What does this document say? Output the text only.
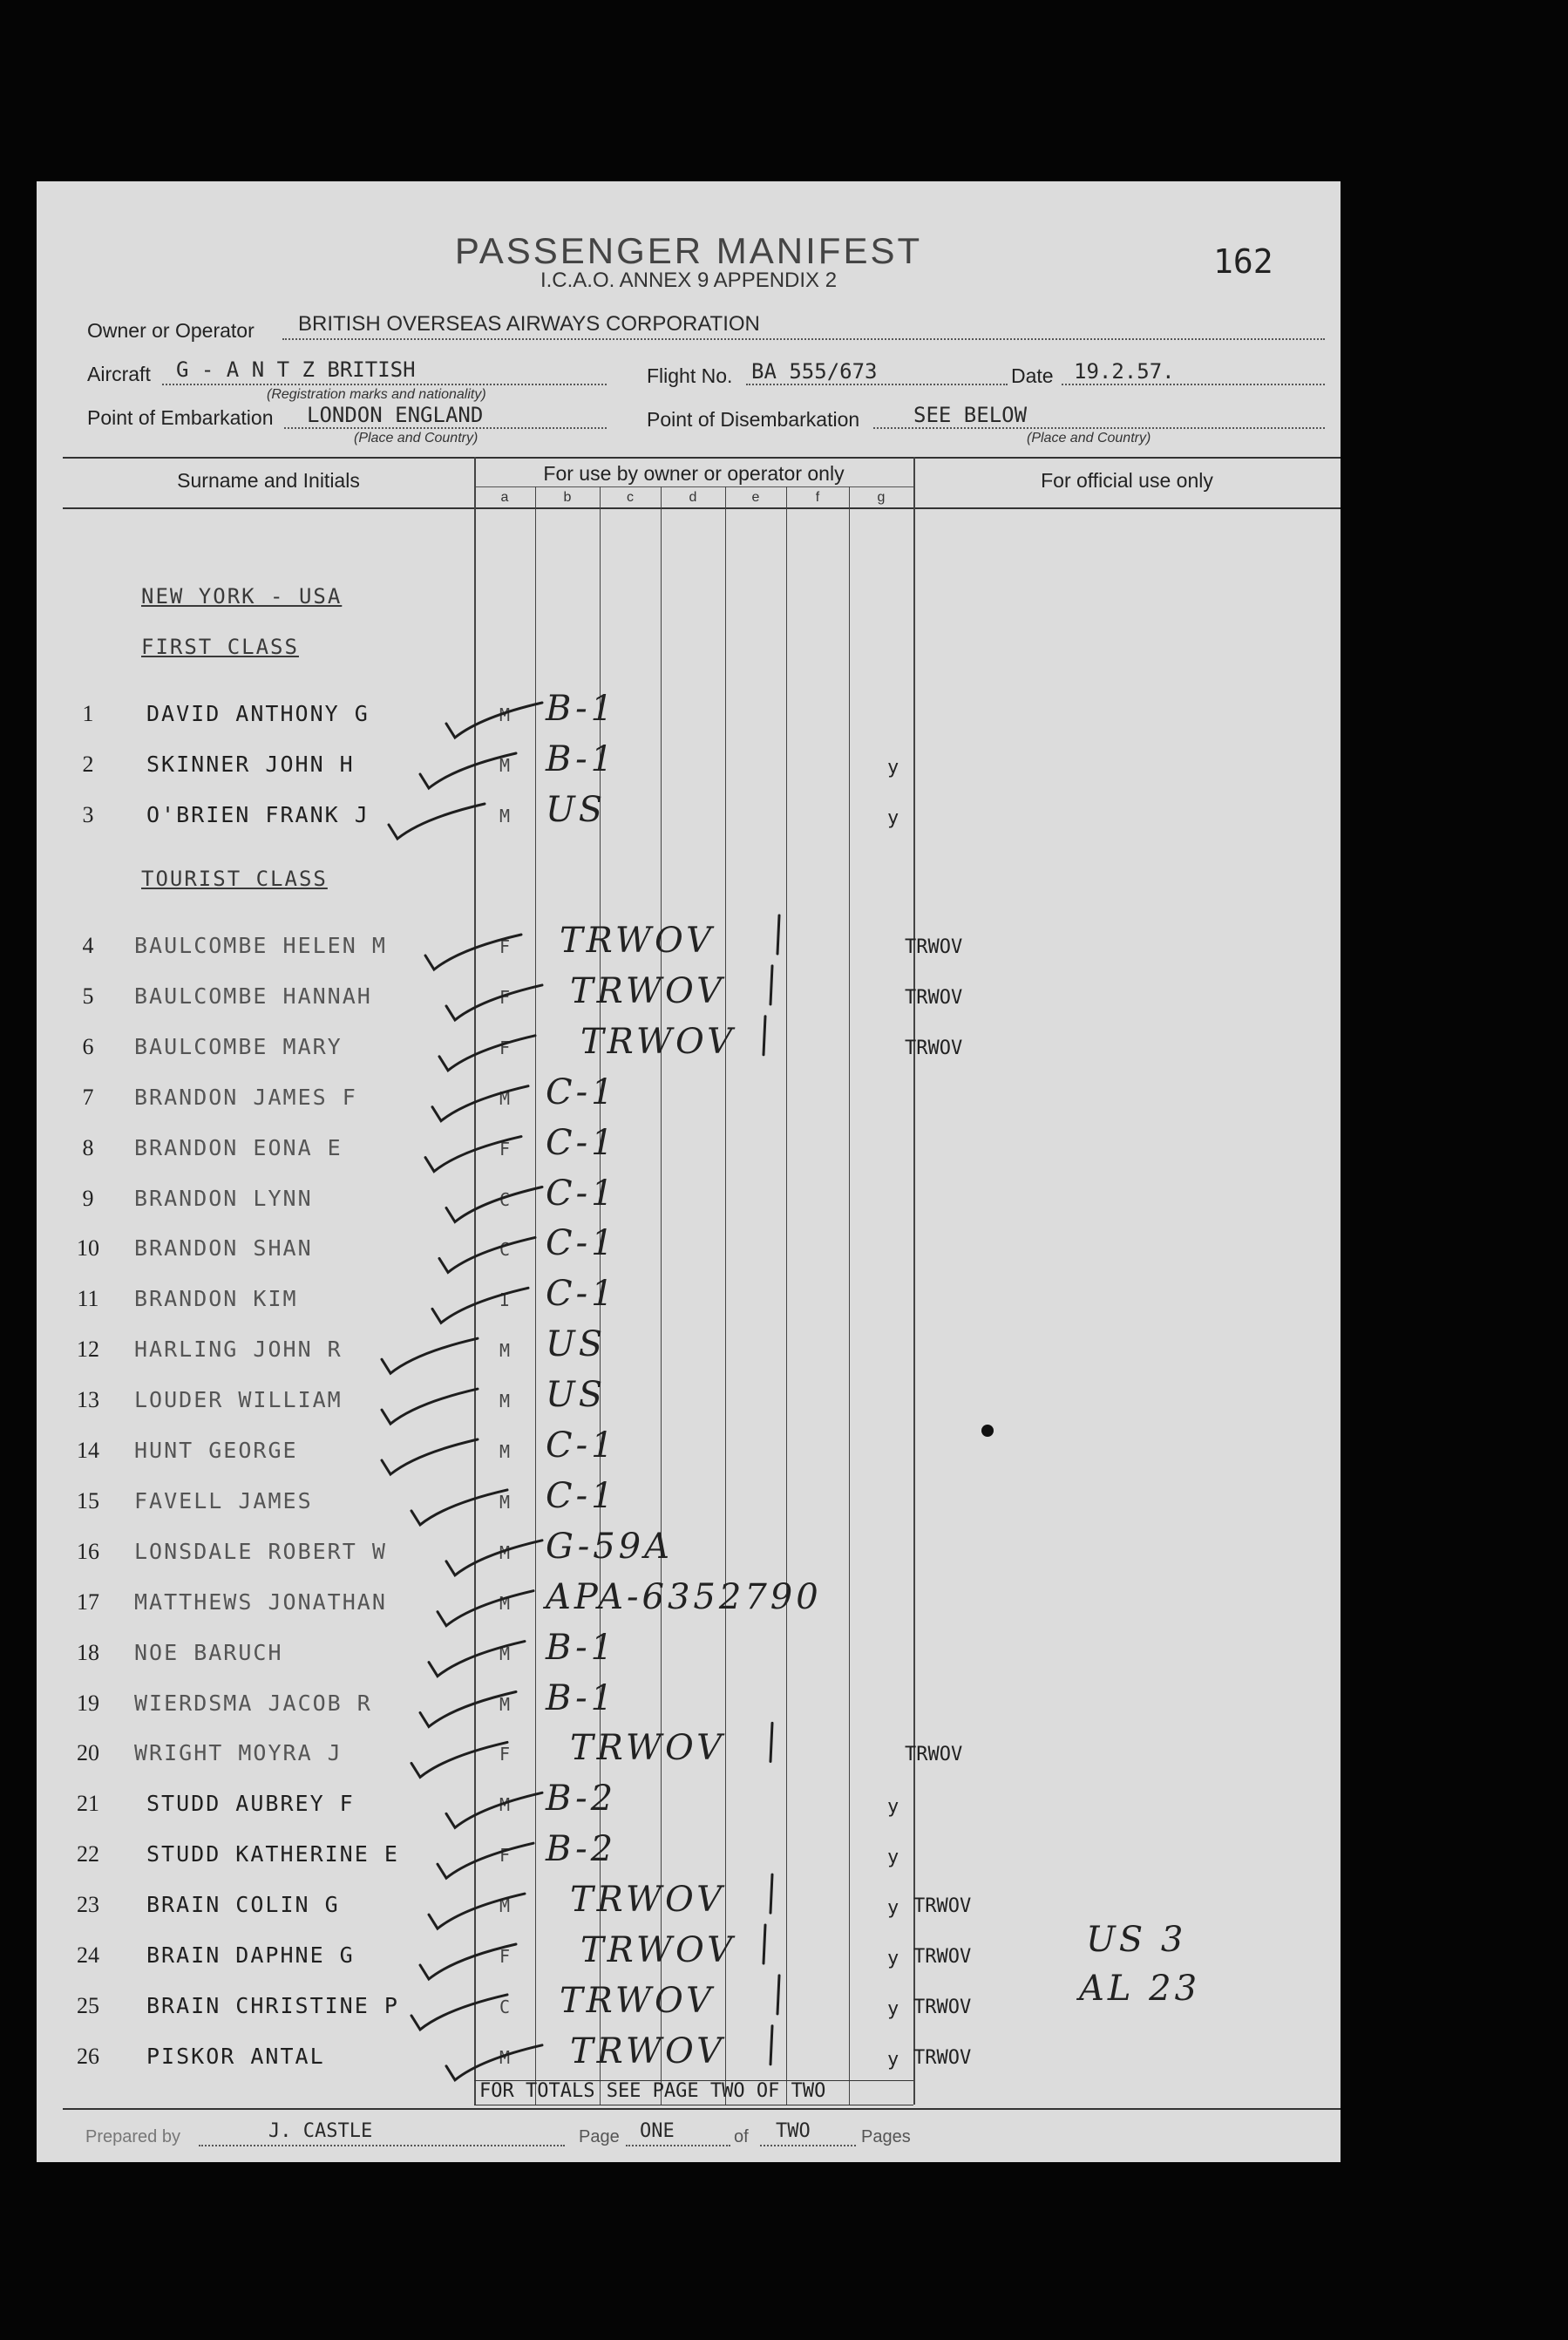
PASSENGER MANIFEST
I.C.A.O. ANNEX 9 APPENDIX 2	162
Owner or Operator BRITISH OVERSEAS AIRWAYS CORPORATION
Aircraft G - A N T Z BRITISH
(Registration marks and nationality)
Flight No. BA 555/673	Date 19.2.57.
Point of Embarkation LONDON ENGLAND
(Place and Country)
Point of Disembarkation	SEE BELOW
(Place and Country)
Surname and Initials	For use by owner or operator only	For official use only
a	b	c	d	e	f	g
NEW YORK - USA
FIRST CLASS
TOURIST CLASS
1	DAVID ANTHONY G	M B-1
2	SKINNER JOHN H	M B-1	y
3	O'BRIEN FRANK J	M US	y
4	BAULCOMBE HELEN M	F TRWOV	TRWOV
5	BAULCOMBE HANNAH	F TRWOV	TRWOV
6	BAULCOMBE MARY	F TRWOV	TRWOV
7	BRANDON JAMES F	M C-1
8	BRANDON EONA E	F C-1
9	BRANDON LYNN	C C-1
10	BRANDON SHAN	C C-1
11	BRANDON KIM	I C-1
12	HARLING JOHN R	M US
13	LOUDER WILLIAM	M US
14	HUNT GEORGE	M C-1
15	FAVELL JAMES	M C-1
16	LONSDALE ROBERT W	M G-59A
17	MATTHEWS JONATHAN	M APA-6352790
18	NOE BARUCH	M B-1
19	WIERDSMA JACOB R	M B-1
20	WRIGHT MOYRA J	F TRWOV	TRWOV
21	STUDD AUBREY F	M B-2	y
22	STUDD KATHERINE E	F B-2	y
23	BRAIN COLIN G	M TRWOV	y TRWOV
24	BRAIN DAPHNE G	F TRWOV	y TRWOV
25	BRAIN CHRISTINE P	C TRWOV	y TRWOV
26	PISKOR ANTAL	M TRWOV	y TRWOV
US 3
AL 23
FOR TOTALS SEE PAGE TWO OF TWO
Prepared by	J. CASTLE	Page ONE	of TWO	Pages
